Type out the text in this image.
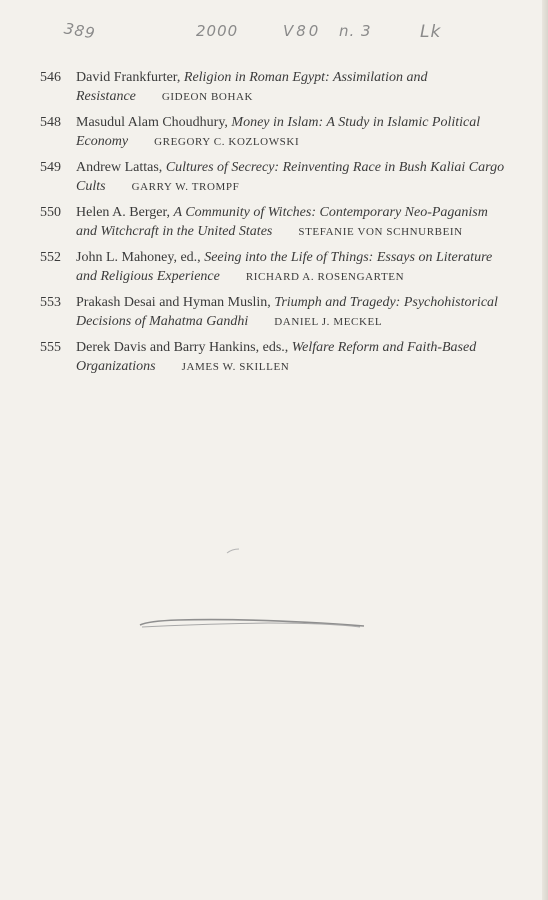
389	2000	V80 n. 3	Lk
546	David Frankfurter, Religion in Roman Egypt: Assimilation and Resistance GIDEON BOHAK
548	Masudul Alam Choudhury, Money in Islam: A Study in Islamic Political Economy GREGORY C. KOZLOWSKI
549	Andrew Lattas, Cultures of Secrecy: Reinventing Race in Bush Kaliai Cargo Cults GARRY W. TROMPF
550	Helen A. Berger, A Community of Witches: Contemporary Neo-Paganism and Witchcraft in the United States STEFANIE VON SCHNURBEIN
552	John L. Mahoney, ed., Seeing into the Life of Things: Essays on Literature and Religious Experience RICHARD A. ROSENGARTEN
553	Prakash Desai and Hyman Muslin, Triumph and Tragedy: Psychohistorical Decisions of Mahatma Gandhi DANIEL J. MECKEL
555	Derek Davis and Barry Hankins, eds., Welfare Reform and Faith-Based Organizations JAMES W. SKILLEN
